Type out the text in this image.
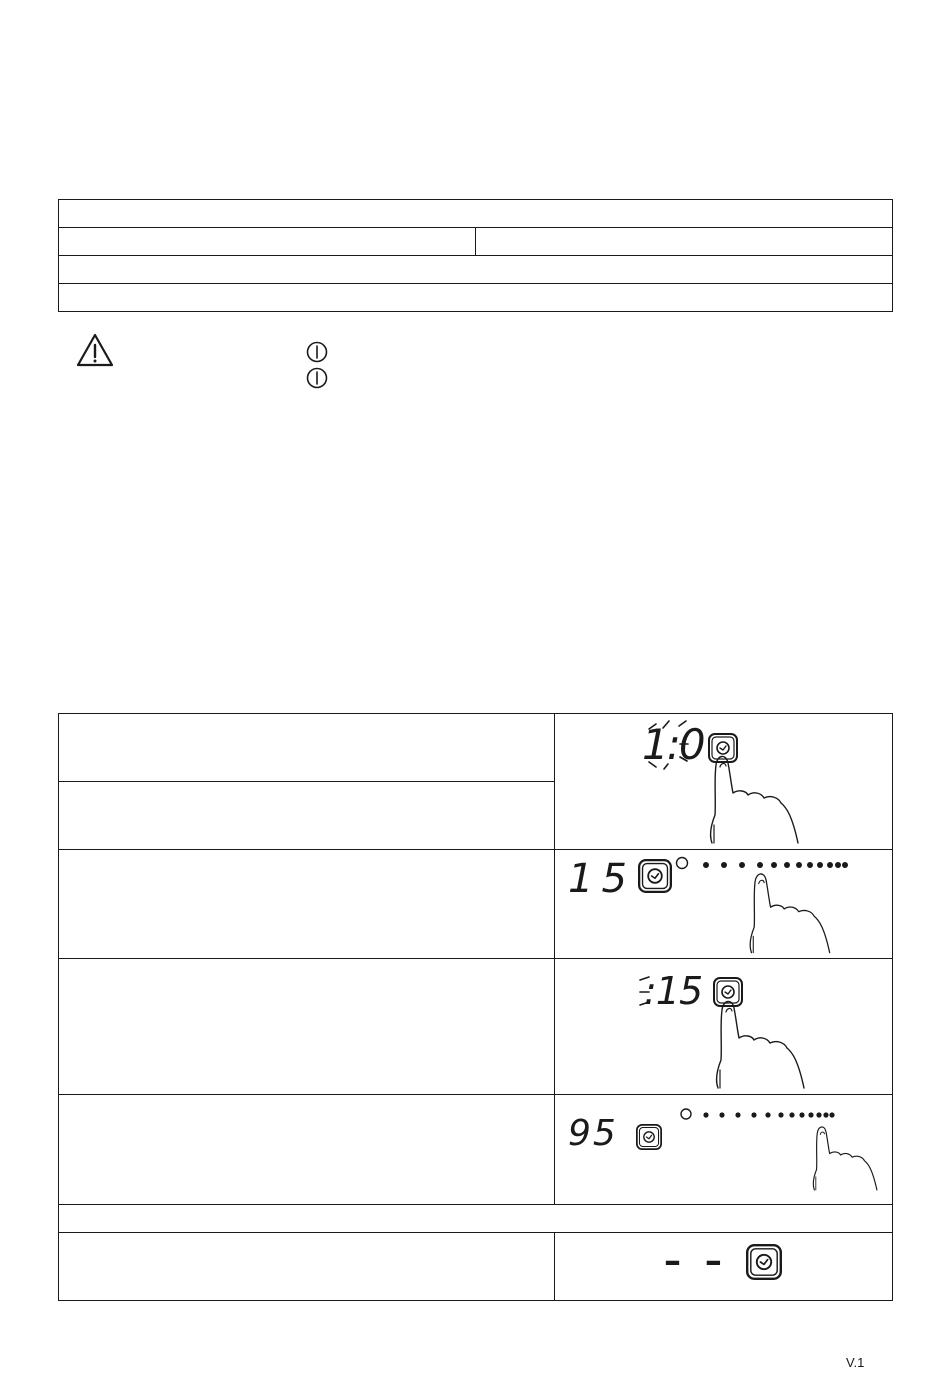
1:0
15
:15
95
– –
V.1
